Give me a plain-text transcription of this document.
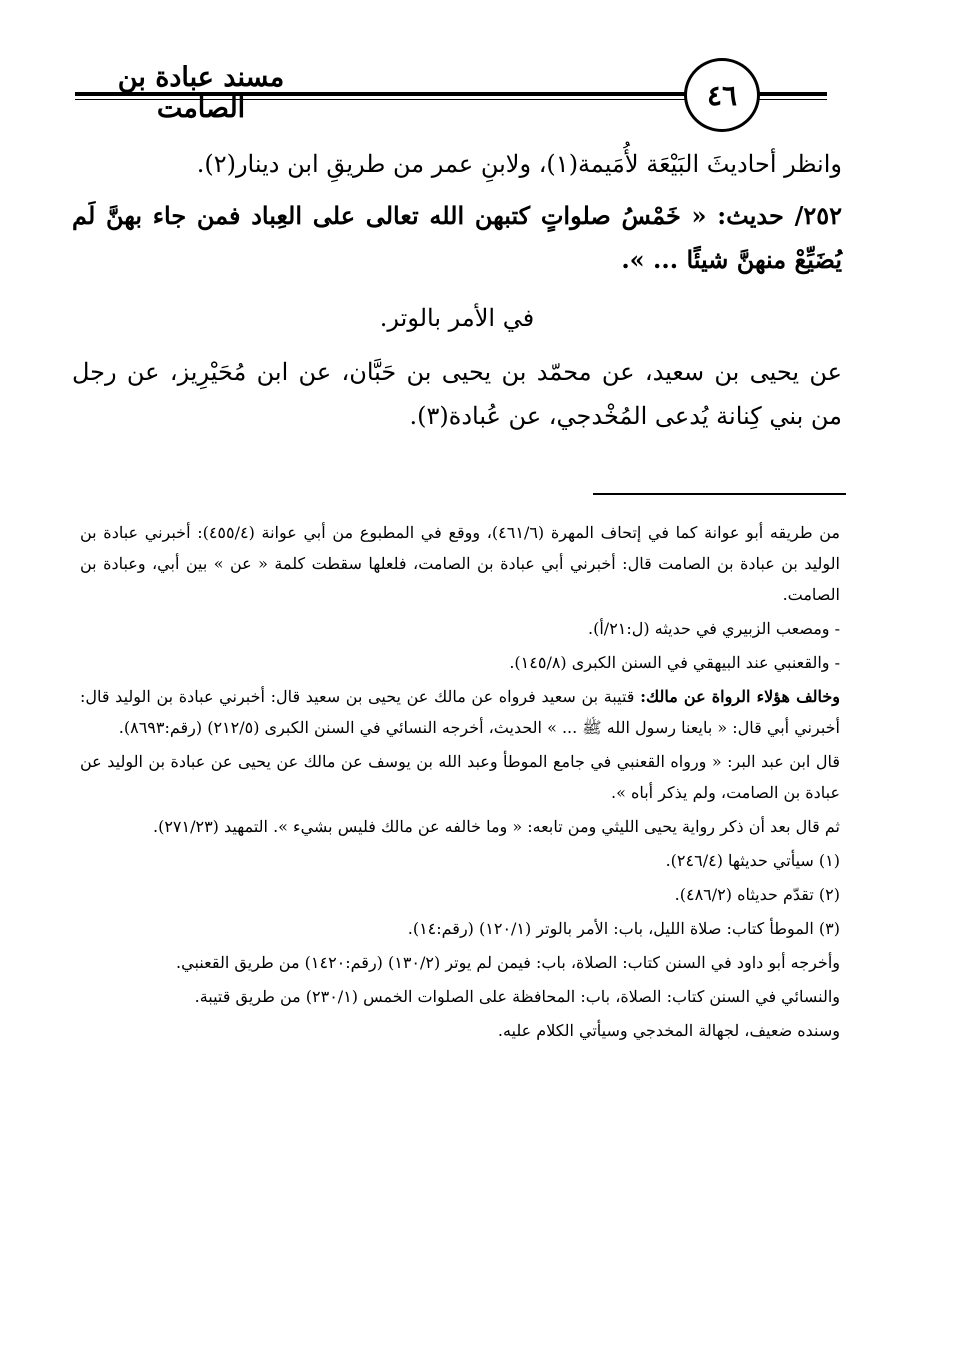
٤٦
مسند عبادة بن الصامت

وانظر أحاديثَ البَيْعَة لأُمَيمة(١)، ولابنِ عمر من طريقِ ابن دينار(٢).

٢٥٢/ حديث: « خَمْسُ صلواتٍ كتبهن الله تعالى على العِباد فمن جاء بهنَّ لَم يُضَيِّعْ منهنَّ شيئًا ... ».

في الأمر بالوتر.

عن يحيى بن سعيد، عن محمّد بن يحيى بن حَبَّان، عن ابن مُحَيْرِيز، عن رجل من بني كِنانة يُدعى المُخْدجي، عن عُبادة(٣).

من طريقه أبو عوانة كما في إتحاف المهرة (٤٦١/٦)، ووقع في المطبوع من أبي عوانة (٤٥٥/٤): أخبرني عبادة بن الوليد بن عبادة بن الصامت قال: أخبرني أبي عبادة بن الصامت، فلعلها سقطت كلمة « عن » بين أبي، وعبادة بن الصامت.

- ومصعب الزبيري في حديثه (ل:٢١/أ).

- والقعنبي عند البيهقي في السنن الكبرى (١٤٥/٨).

وخالف هؤلاء الرواة عن مالك: قتيبة بن سعيد فرواه عن مالك عن يحيى بن سعيد قال: أخبرني عبادة بن الوليد قال: أخبرني أبي قال: « بايعنا رسول الله ﷺ ... » الحديث، أخرجه النسائي في السنن الكبرى (٢١٢/٥) (رقم:٨٦٩٣).

قال ابن عبد البر: « ورواه القعنبي في جامع الموطأ وعبد الله بن يوسف عن مالك عن يحيى عن عبادة بن الوليد عن عبادة بن الصامت، ولم يذكر أباه ».

ثم قال بعد أن ذكر رواية يحيى الليثي ومن تابعه: « وما خالفه عن مالك فليس بشيء ». التمهيد (٢٧١/٢٣).

(١) سيأتي حديثها (٢٤٦/٤).

(٢) تقدّم حديثاه (٤٨٦/٢).

(٣) الموطأ كتاب: صلاة الليل، باب: الأمر بالوتر (١٢٠/١) (رقم:١٤).

وأخرجه أبو داود في السنن كتاب: الصلاة، باب: فيمن لم يوتر (١٣٠/٢) (رقم:١٤٢٠) من طريق القعنبي.

والنسائي في السنن كتاب: الصلاة، باب: المحافظة على الصلوات الخمس (٢٣٠/١) من طريق قتيبة.

وسنده ضعيف، لجهالة المخدجي وسيأتي الكلام عليه.
